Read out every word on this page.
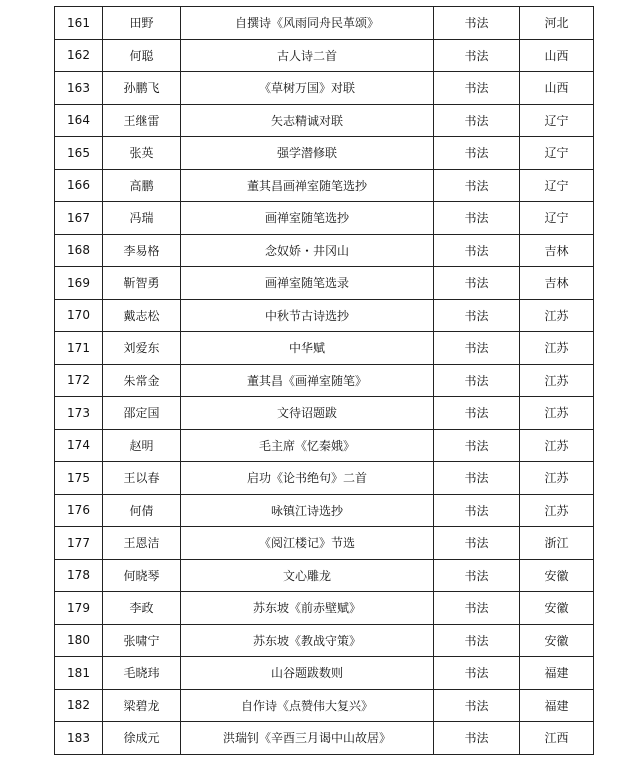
161	田野	自撰诗《风雨同舟民革颂》	书法	河北
162	何聪	古人诗二首	书法	山西
163	孙鹏飞	《草树万国》对联	书法	山西
164	王继雷	矢志精诚对联	书法	辽宁
165	张英	强学潜修联	书法	辽宁
166	高鹏	董其昌画禅室随笔选抄	书法	辽宁
167	冯瑞	画禅室随笔选抄	书法	辽宁
168	李易格	念奴娇・井冈山	书法	吉林
169	靳智勇	画禅室随笔选录	书法	吉林
170	戴志松	中秋节古诗选抄	书法	江苏
171	刘爱东	中华赋	书法	江苏
172	朱常金	董其昌《画禅室随笔》	书法	江苏
173	邵定国	文待诏题跋	书法	江苏
174	赵明	毛主席《忆秦娥》	书法	江苏
175	王以春	启功《论书绝句》二首	书法	江苏
176	何倩	咏镇江诗选抄	书法	江苏
177	王恩洁	《阅江楼记》节选	书法	浙江
178	何晓琴	文心雕龙	书法	安徽
179	李政	苏东坡《前赤壁赋》	书法	安徽
180	张啸宁	苏东坡《教战守策》	书法	安徽
181	毛晓玮	山谷题跋数则	书法	福建
182	梁碧龙	自作诗《点赞伟大复兴》	书法	福建
183	徐成元	洪瑞钊《辛酉三月谒中山故居》	书法	江西
